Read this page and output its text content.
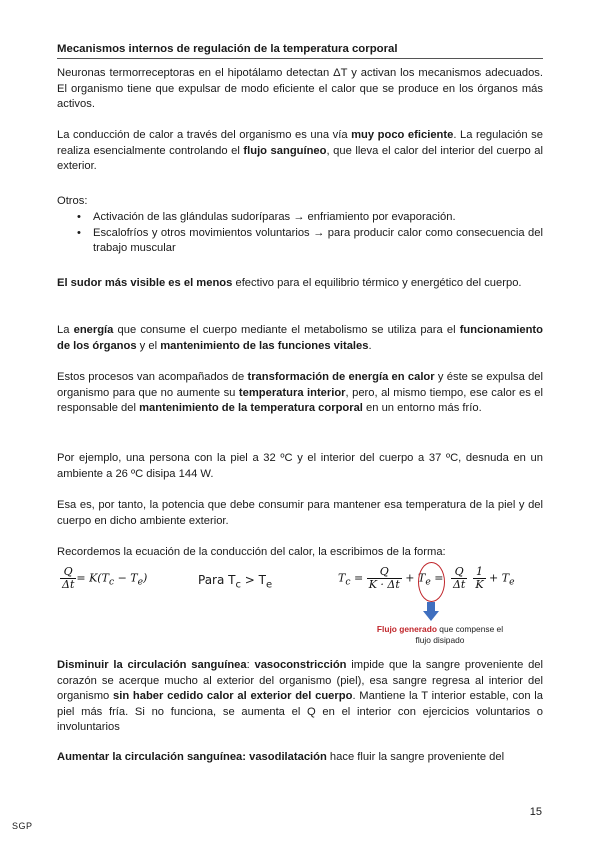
Mecanismos internos de regulación de la temperatura corporal
Neuronas termorreceptoras en el hipotálamo detectan ΔT y activan los mecanismos adecuados. El organismo tiene que expulsar de modo eficiente el calor que se produce en los órganos más activos.
La conducción de calor a través del organismo es una vía muy poco eficiente. La regulación se realiza esencialmente controlando el flujo sanguíneo, que lleva el calor del interior del cuerpo al exterior.
Otros:
• Activación de las glándulas sudoríparas → enfriamiento por evaporación.
• Escalofríos y otros movimientos voluntarios → para producir calor como consecuencia del trabajo muscular
El sudor más visible es el menos efectivo para el equilibrio térmico y energético del cuerpo.
La energía que consume el cuerpo mediante el metabolismo se utiliza para el funcionamiento de los órganos y el mantenimiento de las funciones vitales.
Estos procesos van acompañados de transformación de energía en calor y éste se expulsa del organismo para que no aumente su temperatura interior, pero, al mismo tiempo, ese calor es el responsable del mantenimiento de la temperatura corporal en un entorno más frío.
Por ejemplo, una persona con la piel a 32 ºC y el interior del cuerpo a 37 ºC, desnuda en un ambiente a 26 ºC disipa 144 W.
Esa es, por tanto, la potencia que debe consumir para mantener esa temperatura de la piel y del cuerpo en dicho ambiente exterior.
Recordemos la ecuación de la conducción del calor, la escribimos de la forma:
$\frac{Q}{\Delta t} = K(T_c - T_e)$	Para $T_c > T_e$
$T_c = \frac{Q}{K \cdot \Delta t} + T_e = \frac{Q}{\Delta t} \frac{1}{K} + T_e$
Flujo generado que compense el
flujo disipado
Disminuir la circulación sanguínea: vasoconstricción impide que la sangre proveniente del corazón se acerque mucho al exterior del organismo (piel), esa sangre regresa al interior del organismo sin haber cedido calor al exterior del cuerpo. Mantiene la T interior estable, con la piel más fría. Si no funciona, se aumenta el Q en el interior con ejercicios voluntarios o involuntarios
Aumentar la circulación sanguínea: vasodilatación hace fluir la sangre proveniente del
15
SGP
